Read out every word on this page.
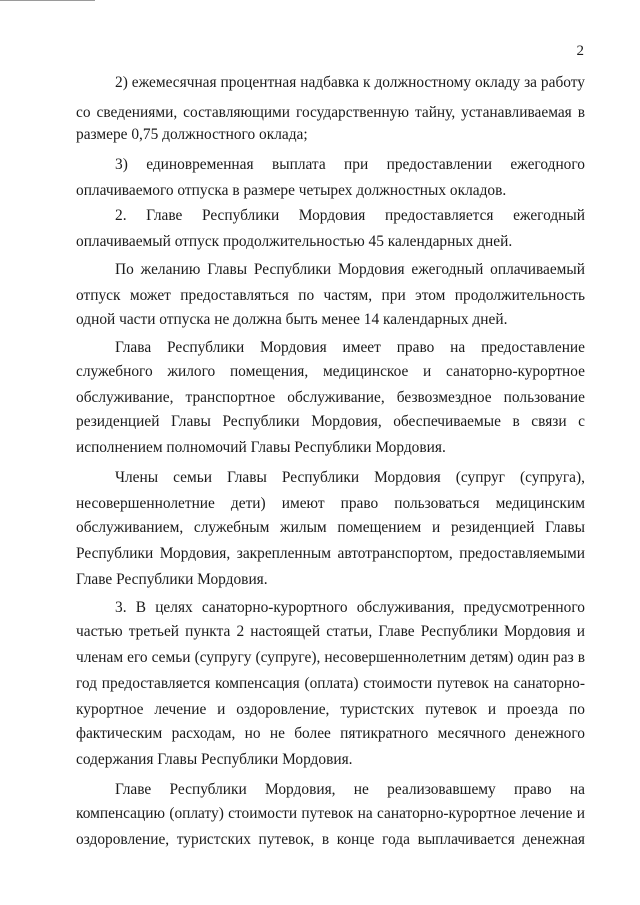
2
2) ежемесячная процентная надбавка к должностному окладу за работу
со сведениями, составляющими государственную тайну, устанавливаемая в
размере 0,75 должностного оклада;
3) единовременная выплата при предоставлении ежегодного
оплачиваемого отпуска в размере четырех должностных окладов.
2. Главе Республики Мордовия предоставляется ежегодный
оплачиваемый отпуск продолжительностью 45 календарных дней.
По желанию Главы Республики Мордовия ежегодный оплачиваемый
отпуск может предоставляться по частям, при этом продолжительность
одной части отпуска не должна быть менее 14 календарных дней.
Глава Республики Мордовия имеет право на предоставление
служебного жилого помещения, медицинское и санаторно-курортное
обслуживание, транспортное обслуживание, безвозмездное пользование
резиденцией Главы Республики Мордовия, обеспечиваемые в связи с
исполнением полномочий Главы Республики Мордовия.
Члены семьи Главы Республики Мордовия (супруг (супруга),
несовершеннолетние дети) имеют право пользоваться медицинским
обслуживанием, служебным жилым помещением и резиденцией Главы
Республики Мордовия, закрепленным автотранспортом, предоставляемыми
Главе Республики Мордовия.
3. В целях санаторно-курортного обслуживания, предусмотренного
частью третьей пункта 2 настоящей статьи, Главе Республики Мордовия и
членам его семьи (супругу (супруге), несовершеннолетним детям) один раз в
год предоставляется компенсация (оплата) стоимости путевок на санаторно-
курортное лечение и оздоровление, туристских путевок и проезда по
фактическим расходам, но не более пятикратного месячного денежного
содержания Главы Республики Мордовия.
Главе Республики Мордовия, не реализовавшему право на
компенсацию (оплату) стоимости путевок на санаторно-курортное лечение и
оздоровление, туристских путевок, в конце года выплачивается денежная
